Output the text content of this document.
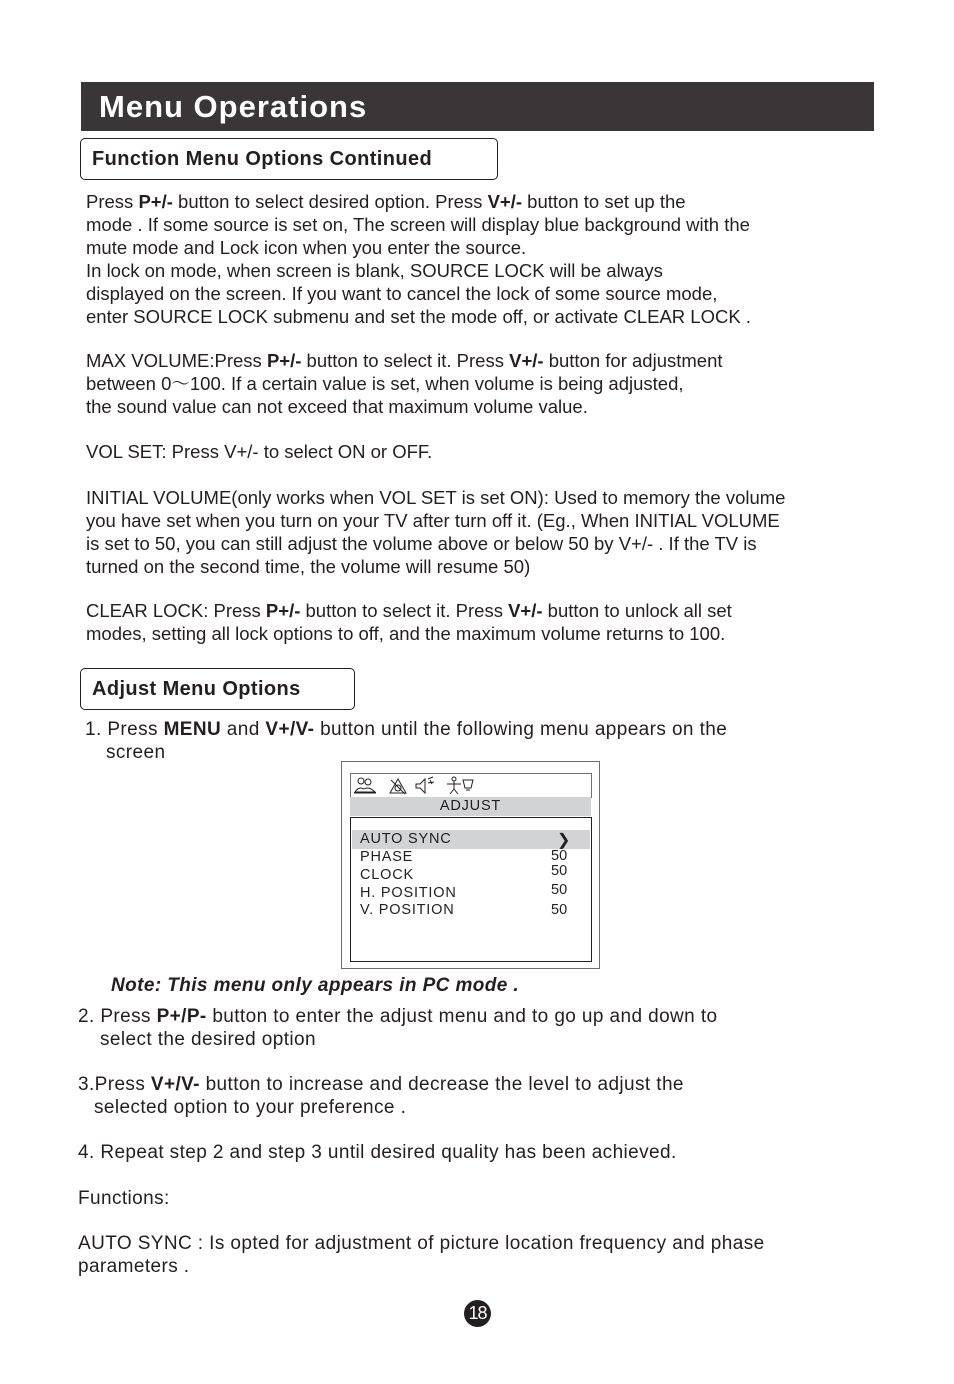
Menu Operations
Function Menu Options Continued
Press P+/- button to select desired option. Press V+/- button to set up the
mode . If some source is set on, The screen will display blue background with the
mute mode and Lock icon when you enter the source.
In lock on mode, when screen is blank, SOURCE LOCK will be always
displayed on the screen. If you want to cancel the lock of some source mode,
enter SOURCE LOCK submenu and set the mode off, or activate CLEAR LOCK .
MAX VOLUME:Press P+/- button to select it. Press V+/- button for adjustment
between 0～100. If a certain value is set, when volume is being adjusted,
the sound value can not exceed that maximum volume value.
VOL SET: Press V+/- to select ON or OFF.
INITIAL VOLUME(only works when VOL SET is set ON): Used to memory the volume
you have set when you turn on your TV after turn off it. (Eg., When INITIAL VOLUME
is set to 50, you can still adjust the volume above or below 50 by V+/- . If the TV is
turned on the second time, the volume will resume 50)
CLEAR LOCK: Press P+/- button to select it. Press V+/- button to unlock all set
modes, setting all lock options to off, and the maximum volume returns to 100.
Adjust Menu Options
1. Press MENU and V+/V- button until the following menu appears on the
screen
ADJUST
AUTO SYNC	❯
PHASE	50
CLOCK	50
H. POSITION	50
V. POSITION	50
Note: This menu only appears in PC mode .
2. Press P+/P- button to enter the adjust menu and to go up and down to
select the desired option
3.Press V+/V- button to increase and decrease the level to adjust the
selected option to your preference .
4. Repeat step 2 and step 3 until desired quality has been achieved.
Functions:
AUTO SYNC : Is opted for adjustment of picture location frequency and phase
parameters .
18
